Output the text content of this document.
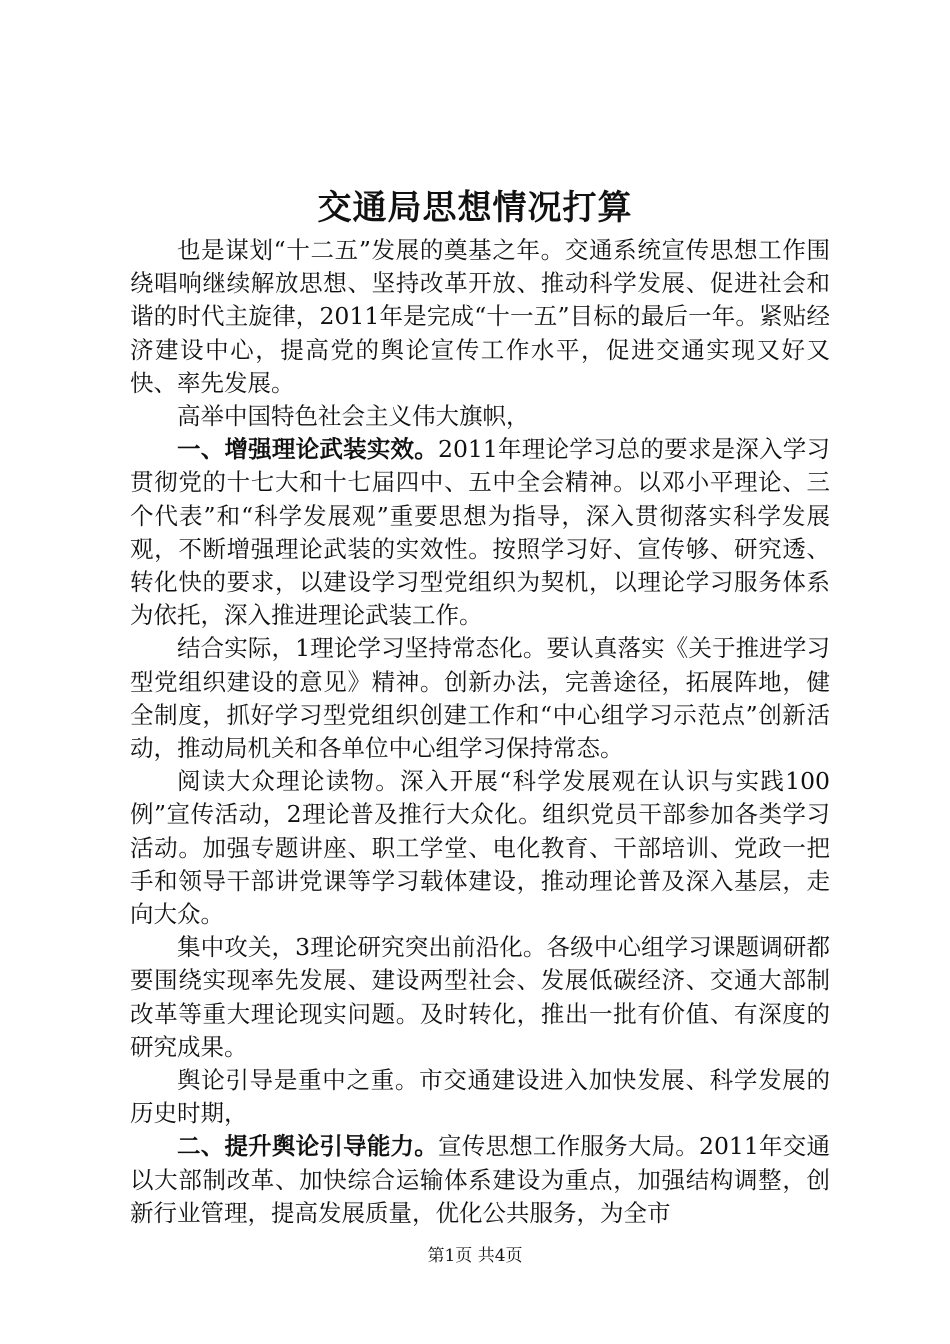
交通局思想情况打算

也是谋划“十二五”发展的奠基之年。交通系统宣传思想工作围绕唱响继续解放思想、坚持改革开放、推动科学发展、促进社会和谐的时代主旋律，2011年是完成“十一五”目标的最后一年。紧贴经济建设中心，提高党的舆论宣传工作水平，促进交通实现又好又快、率先发展。

高举中国特色社会主义伟大旗帜，

一、增强理论武装实效。2011年理论学习总的要求是深入学习贯彻党的十七大和十七届四中、五中全会精神。以邓小平理论、三个代表”和“科学发展观”重要思想为指导，深入贯彻落实科学发展观，不断增强理论武装的实效性。按照学习好、宣传够、研究透、转化快的要求，以建设学习型党组织为契机，以理论学习服务体系为依托，深入推进理论武装工作。

结合实际，1理论学习坚持常态化。要认真落实《关于推进学习型党组织建设的意见》精神。创新办法，完善途径，拓展阵地，健全制度，抓好学习型党组织创建工作和“中心组学习示范点”创新活动，推动局机关和各单位中心组学习保持常态。

阅读大众理论读物。深入开展“科学发展观在认识与实践100例”宣传活动，2理论普及推行大众化。组织党员干部参加各类学习活动。加强专题讲座、职工学堂、电化教育、干部培训、党政一把手和领导干部讲党课等学习载体建设，推动理论普及深入基层，走向大众。

集中攻关，3理论研究突出前沿化。各级中心组学习课题调研都要围绕实现率先发展、建设两型社会、发展低碳经济、交通大部制改革等重大理论现实问题。及时转化，推出一批有价值、有深度的研究成果。

舆论引导是重中之重。市交通建设进入加快发展、科学发展的历史时期，

二、提升舆论引导能力。宣传思想工作服务大局。2011年交通以大部制改革、加快综合运输体系建设为重点，加强结构调整，创新行业管理，提高发展质量，优化公共服务，为全市

第1页 共4页
